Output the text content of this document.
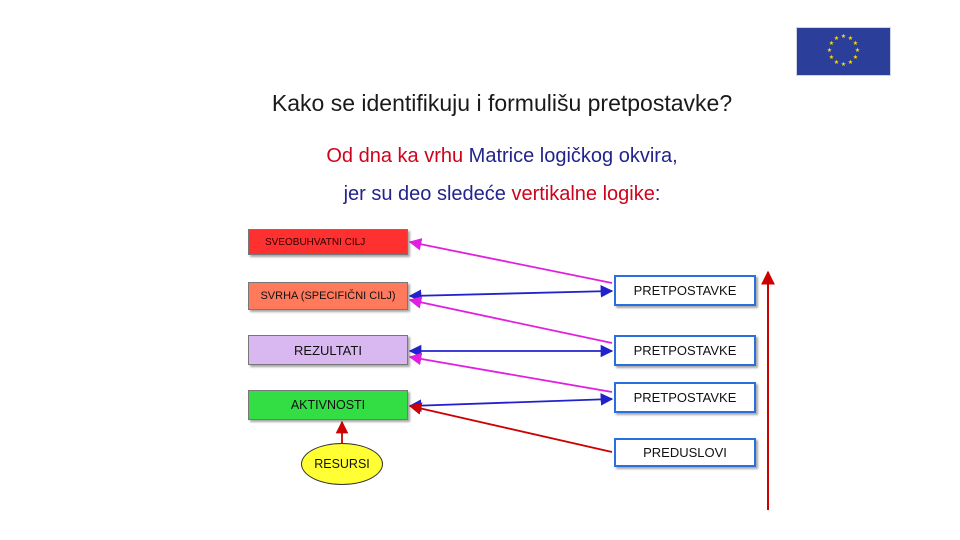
★ ★
★
★
★
★
★
★
★
★
★
★
Kako se identifikuju i formulišu pretpostavke?
Od dna ka vrhu Matrice logičkog okvira,
jer su deo sledeće vertikalne logike:
SVEOBUHVATNI CILJ
SVRHA (SPECIFIČNI CILJ)
REZULTATI
AKTIVNOSTI
RESURSI
PRETPOSTAVKE
PRETPOSTAVKE
PRETPOSTAVKE
PREDUSLOVI
